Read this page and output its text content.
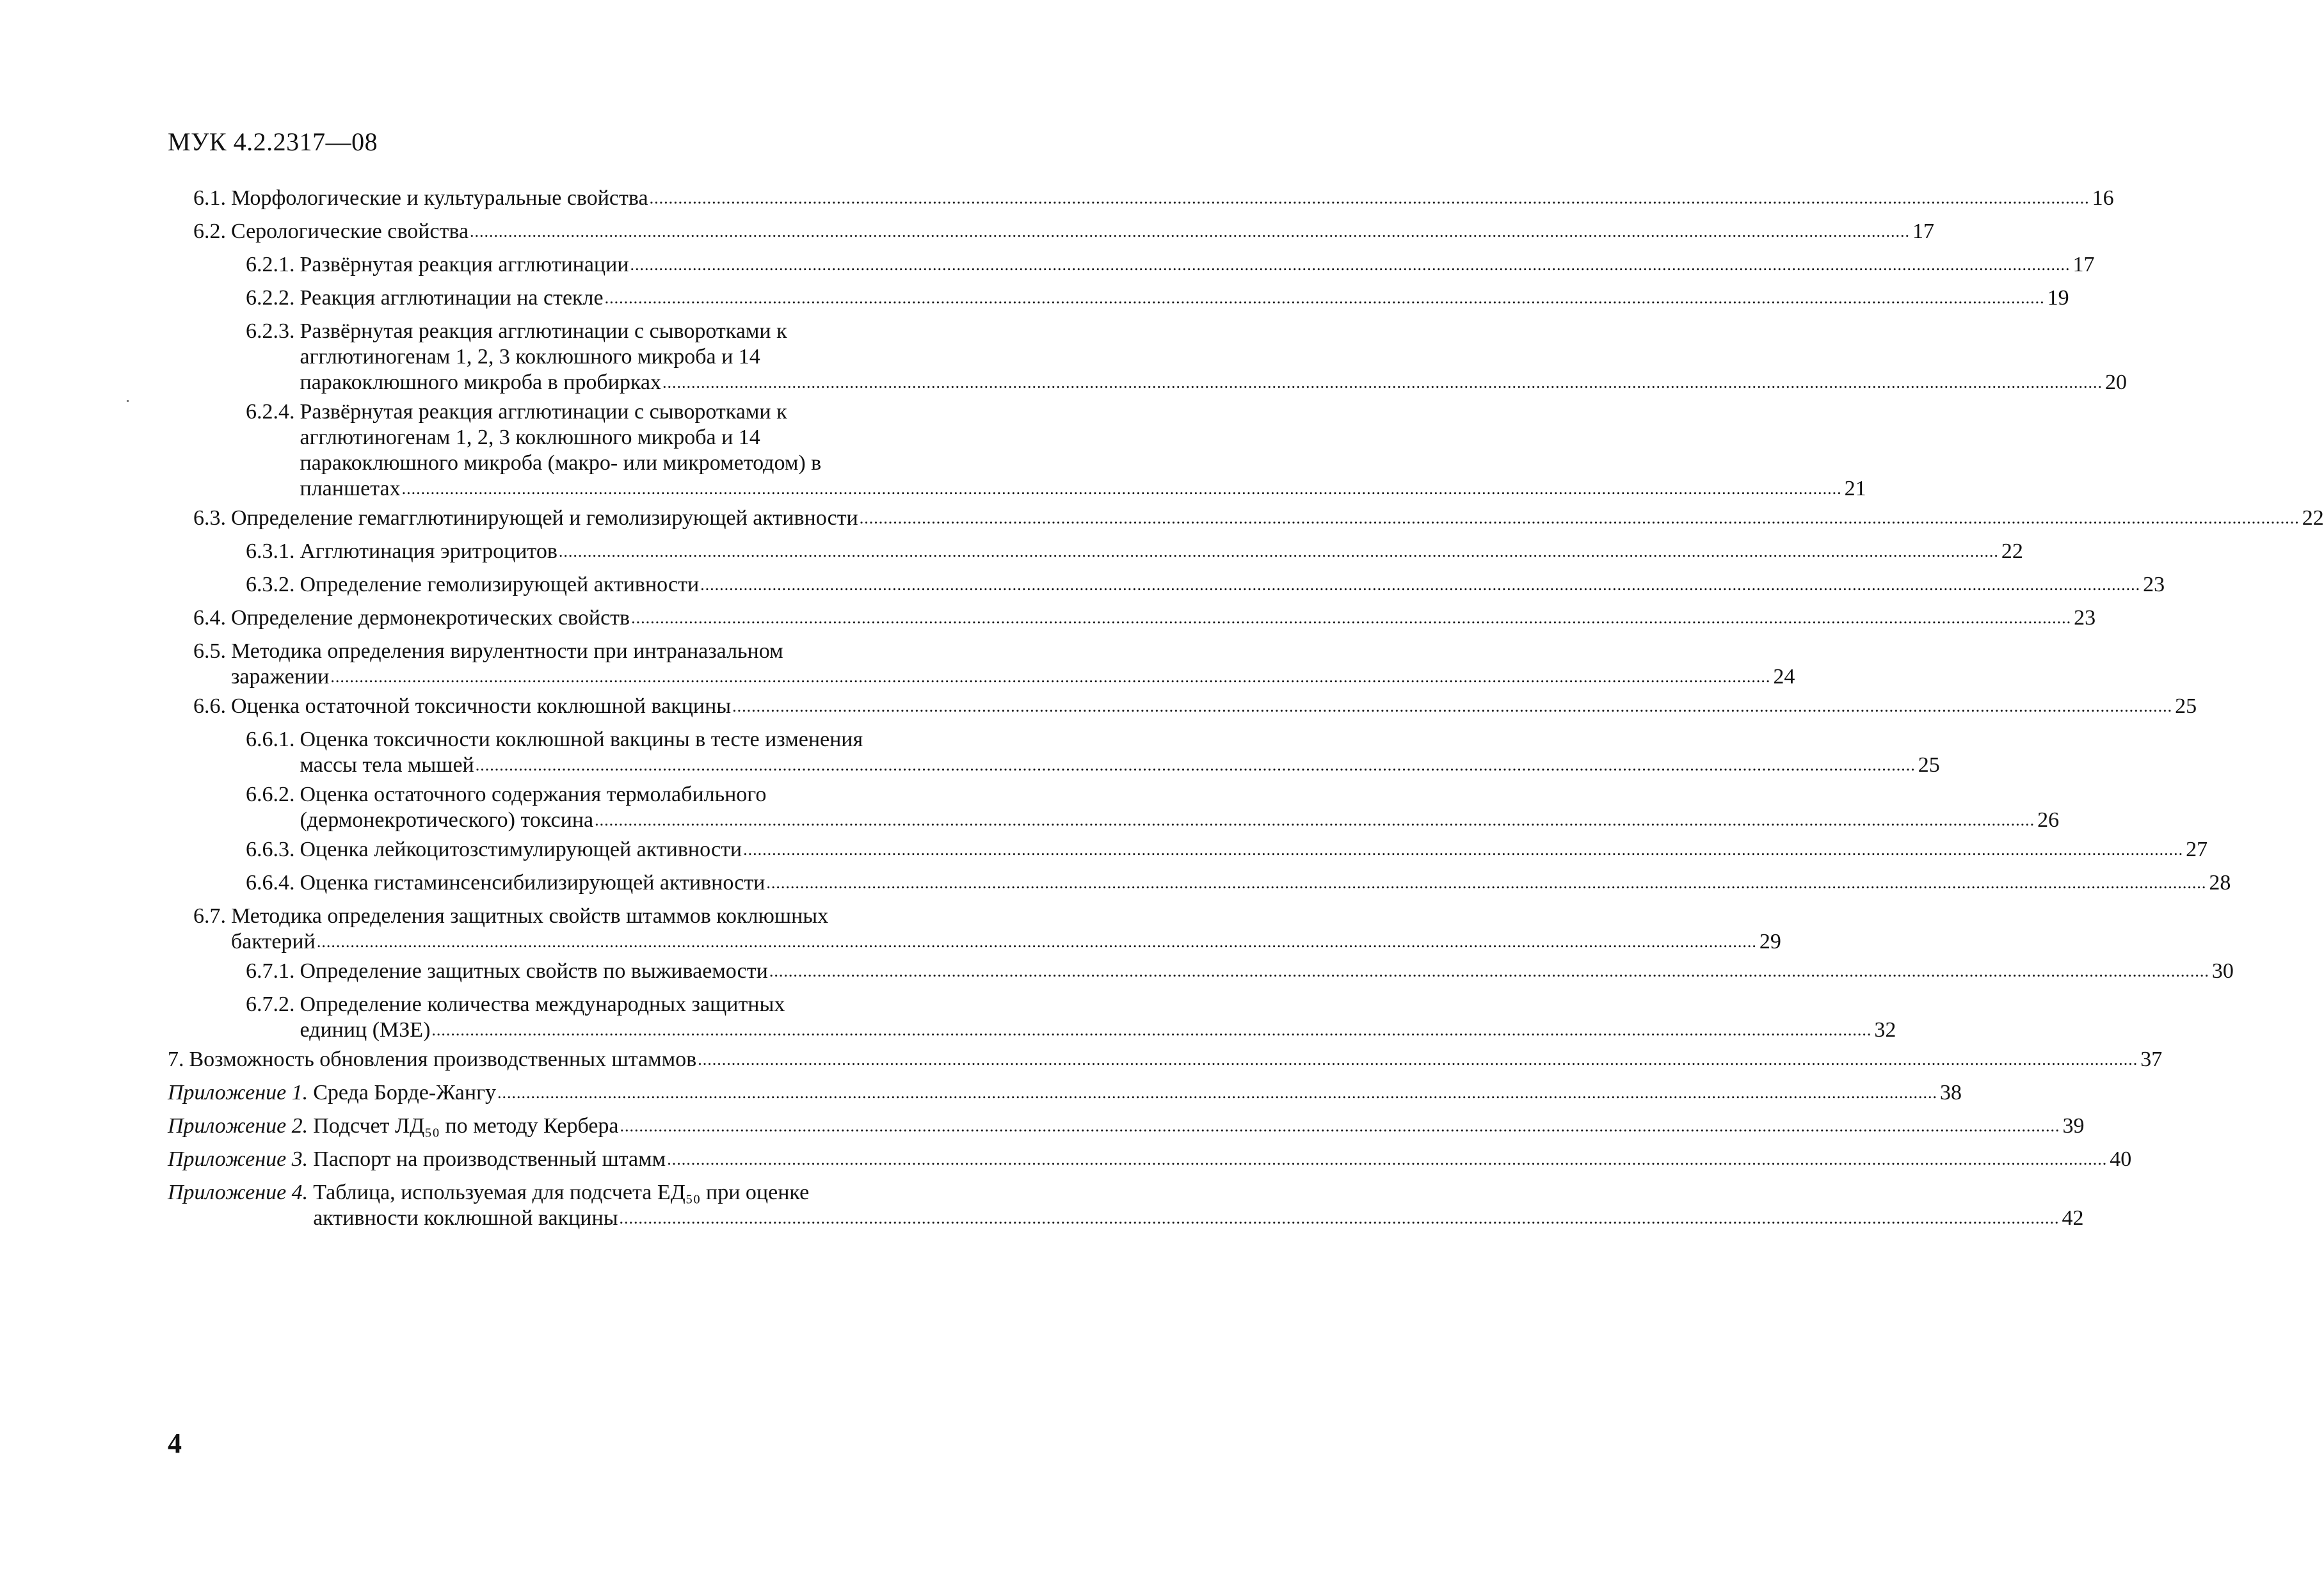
МУК 4.2.2317—08
6.1. Морфологические и культуральные свойства ............................................................................................................................................................................................................................................................................................................ 16
6.2. Серологические свойства ............................................................................................................................................................................................................................................................................................................ 17
6.2.1. Развёрнутая реакция агглютинации ............................................................................................................................................................................................................................................................................................................ 17
6.2.2. Реакция агглютинации на стекле ............................................................................................................................................................................................................................................................................................................ 19
6.2.3. Развёрнутая реакция агглютинации с сыворотками к
агглютиногенам 1, 2, 3 коклюшного микроба и 14
паракоклюшного микроба в пробирках ............................................................................................................................................................................................................................................................................................................ 20
6.2.4. Развёрнутая реакция агглютинации с сыворотками к
агглютиногенам 1, 2, 3 коклюшного микроба и 14
паракоклюшного микроба (макро- или микрометодом) в
планшетах ............................................................................................................................................................................................................................................................................................................ 21
6.3. Определение гемагглютинирующей и гемолизирующей активности ............................................................................................................................................................................................................................................................................................................ 22
6.3.1. Агглютинация эритроцитов ............................................................................................................................................................................................................................................................................................................ 22
6.3.2. Определение гемолизирующей активности ............................................................................................................................................................................................................................................................................................................ 23
6.4. Определение дермонекротических свойств ............................................................................................................................................................................................................................................................................................................ 23
6.5. Методика определения вирулентности при интраназальном
заражении ............................................................................................................................................................................................................................................................................................................ 24
6.6. Оценка остаточной токсичности коклюшной вакцины ............................................................................................................................................................................................................................................................................................................ 25
6.6.1. Оценка токсичности коклюшной вакцины в тесте изменения
массы тела мышей ............................................................................................................................................................................................................................................................................................................ 25
6.6.2. Оценка остаточного содержания термолабильного
(дермонекротического) токсина ............................................................................................................................................................................................................................................................................................................ 26
6.6.3. Оценка лейкоцитозстимулирующей активности ............................................................................................................................................................................................................................................................................................................ 27
6.6.4. Оценка гистаминсенсибилизирующей активности ............................................................................................................................................................................................................................................................................................................ 28
6.7. Методика определения защитных свойств штаммов коклюшных
бактерий ............................................................................................................................................................................................................................................................................................................ 29
6.7.1. Определение защитных свойств по выживаемости ............................................................................................................................................................................................................................................................................................................ 30
6.7.2. Определение количества международных защитных
единиц (МЗЕ) ............................................................................................................................................................................................................................................................................................................ 32
7. Возможность обновления производственных штаммов ............................................................................................................................................................................................................................................................................................................ 37
Приложение 1. Среда Борде-Жангу ............................................................................................................................................................................................................................................................................................................ 38
Приложение 2. Подсчет ЛД₅₀ по методу Кербера ............................................................................................................................................................................................................................................................................................................ 39
Приложение 3. Паспорт на производственный штамм ............................................................................................................................................................................................................................................................................................................ 40
Приложение 4. Таблица, используемая для подсчета ЕД₅₀ при оценке
активности коклюшной вакцины ............................................................................................................................................................................................................................................................................................................ 42
4
